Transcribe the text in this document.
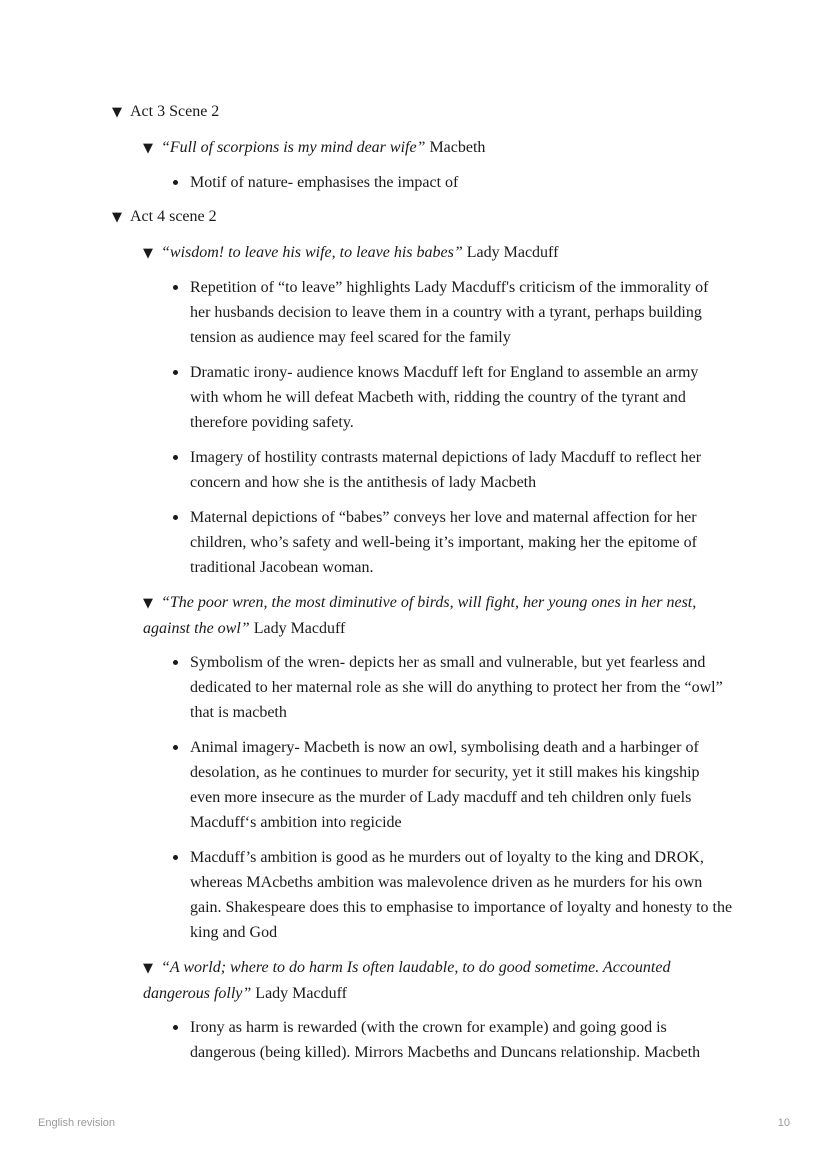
▼ Act 3 Scene 2
▼ “Full of scorpions is my mind dear wife” Macbeth
Motif of nature- emphasises the impact of
▼ Act 4 scene 2
▼ “wisdom! to leave his wife, to leave his babes” Lady Macduff
Repetition of “to leave” highlights Lady Macduff's criticism of the immorality of her husbands decision to leave them in a country with a tyrant, perhaps building tension as audience may feel scared for the family
Dramatic irony- audience knows Macduff left for England to assemble an army with whom he will defeat Macbeth with, ridding the country of the tyrant and therefore poviding safety.
Imagery of hostility contrasts maternal depictions of lady Macduff to reflect her concern and how she is the antithesis of lady Macbeth
Maternal depictions of “babes” conveys her love and maternal affection for her children, who’s safety and well-being it’s important, making her the epitome of traditional Jacobean woman.
▼ “The poor wren, the most diminutive of birds, will fight, her young ones in her nest, against the owl” Lady Macduff
Symbolism of the wren- depicts her as small and vulnerable, but yet fearless and dedicated to her maternal role as she will do anything to protect her from the “owl” that is macbeth
Animal imagery- Macbeth is now an owl, symbolising death and a harbinger of desolation, as he continues to murder for security, yet it still makes his kingship even more insecure as the murder of Lady macduff and teh children only fuels Macduff‘s ambition into regicide
Macduff’s ambition is good as he murders out of loyalty to the king and DROK, whereas MAcbeths ambition was malevolence driven as he murders for his own gain. Shakespeare does this to emphasise to importance of loyalty and honesty to the king and God
▼ “A world; where to do harm Is often laudable, to do good sometime. Accounted dangerous folly” Lady Macduff
Irony as harm is rewarded (with the crown for example) and going good is dangerous (being killed). Mirrors Macbeths and Duncans relationship. Macbeth
English revision	10
